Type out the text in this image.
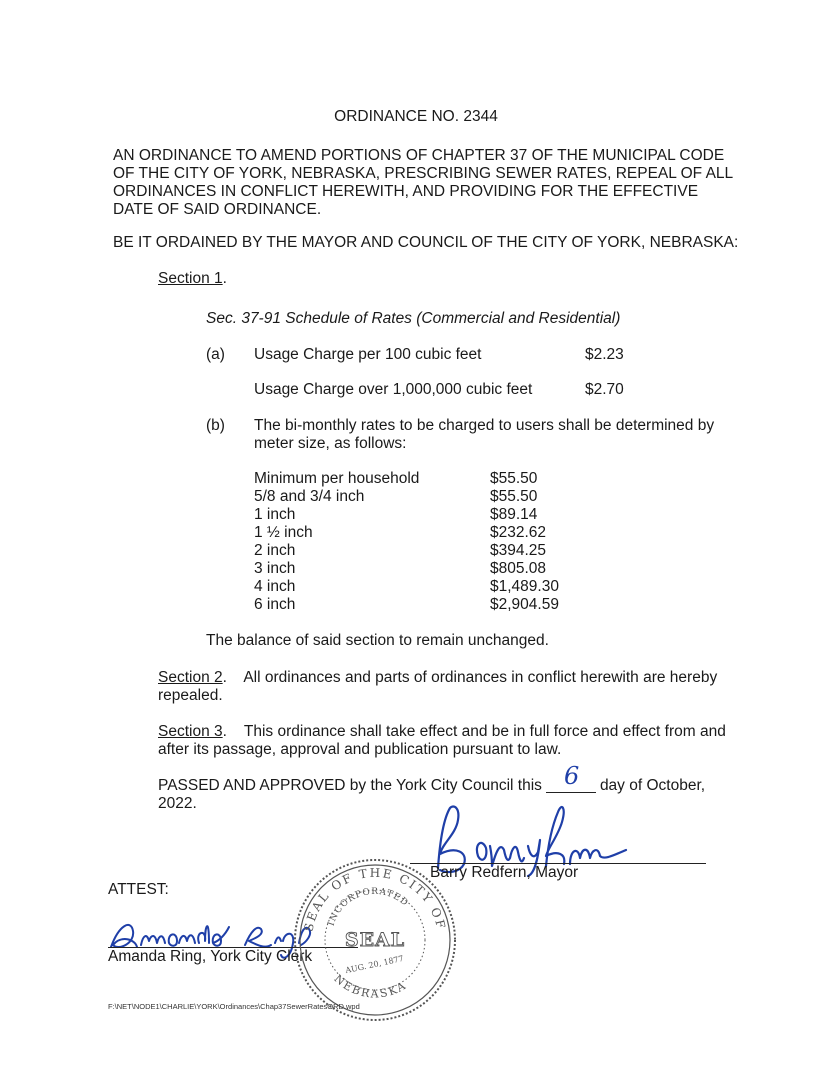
ORDINANCE NO. 2344
AN ORDINANCE TO AMEND PORTIONS OF CHAPTER 37 OF THE MUNICIPAL CODE OF THE CITY OF YORK, NEBRASKA, PRESCRIBING SEWER RATES, REPEAL OF ALL ORDINANCES IN CONFLICT HEREWITH, AND PROVIDING FOR THE EFFECTIVE DATE OF SAID ORDINANCE.
BE IT ORDAINED BY THE MAYOR AND COUNCIL OF THE CITY OF YORK, NEBRASKA:
Section 1.
Sec. 37-91 Schedule of Rates (Commercial and Residential)
(a) Usage Charge per 100 cubic feet	$2.23
Usage Charge over 1,000,000 cubic feet	$2.70
(b) The bi-monthly rates to be charged to users shall be determined by meter size, as follows:
Minimum per household	$55.50
5/8 and 3/4 inch	$55.50
1 inch	$89.14
1 ½ inch	$232.62
2 inch	$394.25
3 inch	$805.08
4 inch	$1,489.30
6 inch	$2,904.59
The balance of said section to remain unchanged.
Section 2.    All ordinances and parts of ordinances in conflict herewith are hereby repealed.
Section 3.    This ordinance shall take effect and be in full force and effect from and after its passage, approval and publication pursuant to law.
PASSED AND APPROVED by the York City Council this 6 day of October,
2022.
Barry Redfern, Mayor
ATTEST:
Amanda Ring, York City Clerk
SEAL OF THE CITY OF YORK
INCORPORATED
NEBRASKA
SEAL
AUG. 20, 1877
F:\NET\NODE1\CHARLIE\YORK\Ordinances\Chap37SewerRatesORD.wpd
